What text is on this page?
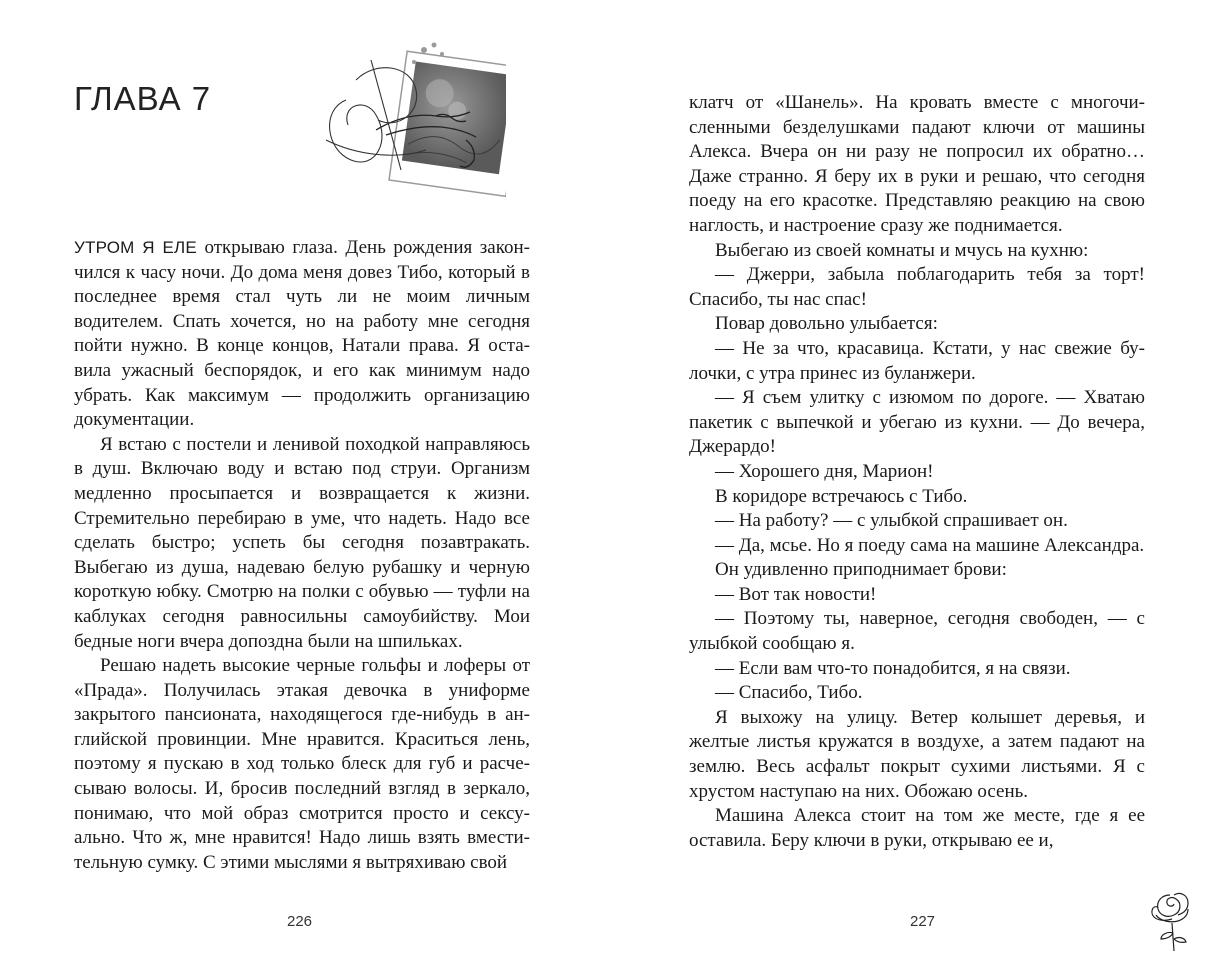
ГЛАВА 7

УТРОМ Я ЕЛЕ открываю глаза. День рождения закончился к часу ночи. До дома меня довез Тибо, который в последнее время стал чуть ли не моим личным водителем. Спать хочется, но на работу мне сегодня пойти нужно. В конце концов, Натали права. Я оставила ужасный беспорядок, и его как минимум надо убрать. Как максимум — продолжить организацию документации.

Я встаю с постели и ленивой походкой направляюсь в душ. Включаю воду и встаю под струи. Организм медленно просыпается и возвращается к жизни. Стремительно перебираю в уме, что надеть. Надо все сделать быстро; успеть бы сегодня позавтракать. Выбегаю из душа, надеваю белую рубашку и черную короткую юбку. Смотрю на полки с обувью — туфли на каблуках сегодня равносильны самоубийству. Мои бедные ноги вчера допоздна были на шпильках.

Решаю надеть высокие черные гольфы и лоферы от «Прада». Получилась этакая девочка в униформе закрытого пансионата, находящегося где-нибудь в английской провинции. Мне нравится. Краситься лень, поэтому я пускаю в ход только блеск для губ и расчесываю волосы. И, бросив последний взгляд в зеркало, понимаю, что мой образ смотрится просто и сексуально. Что ж, мне нравится! Надо лишь взять вместительную сумку. С этими мыслями я вытряхиваю свой

226

клатч от «Шанель». На кровать вместе с многочисленными безделушками падают ключи от машины Алекса. Вчера он ни разу не попросил их обратно… Даже странно. Я беру их в руки и решаю, что сегодня поеду на его красотке. Представляю реакцию на свою наглость, и настроение сразу же поднимается.

Выбегаю из своей комнаты и мчусь на кухню:

— Джерри, забыла поблагодарить тебя за торт! Спасибо, ты нас спас!

Повар довольно улыбается:

— Не за что, красавица. Кстати, у нас свежие булочки, с утра принес из буланжери.

— Я съем улитку с изюмом по дороге. — Хватаю пакетик с выпечкой и убегаю из кухни. — До вечера, Джерардо!

— Хорошего дня, Марион!

В коридоре встречаюсь с Тибо.

— На работу? — с улыбкой спрашивает он.

— Да, мсье. Но я поеду сама на машине Александра.

Он удивленно приподнимает брови:

— Вот так новости!

— Поэтому ты, наверное, сегодня свободен, — с улыбкой сообщаю я.

— Если вам что-то понадобится, я на связи.

— Спасибо, Тибо.

Я выхожу на улицу. Ветер колышет деревья, и желтые листья кружатся в воздухе, а затем падают на землю. Весь асфальт покрыт сухими листьями. Я с хрустом наступаю на них. Обожаю осень.

Машина Алекса стоит на том же месте, где я ее оставила. Беру ключи в руки, открываю ее и,

227
